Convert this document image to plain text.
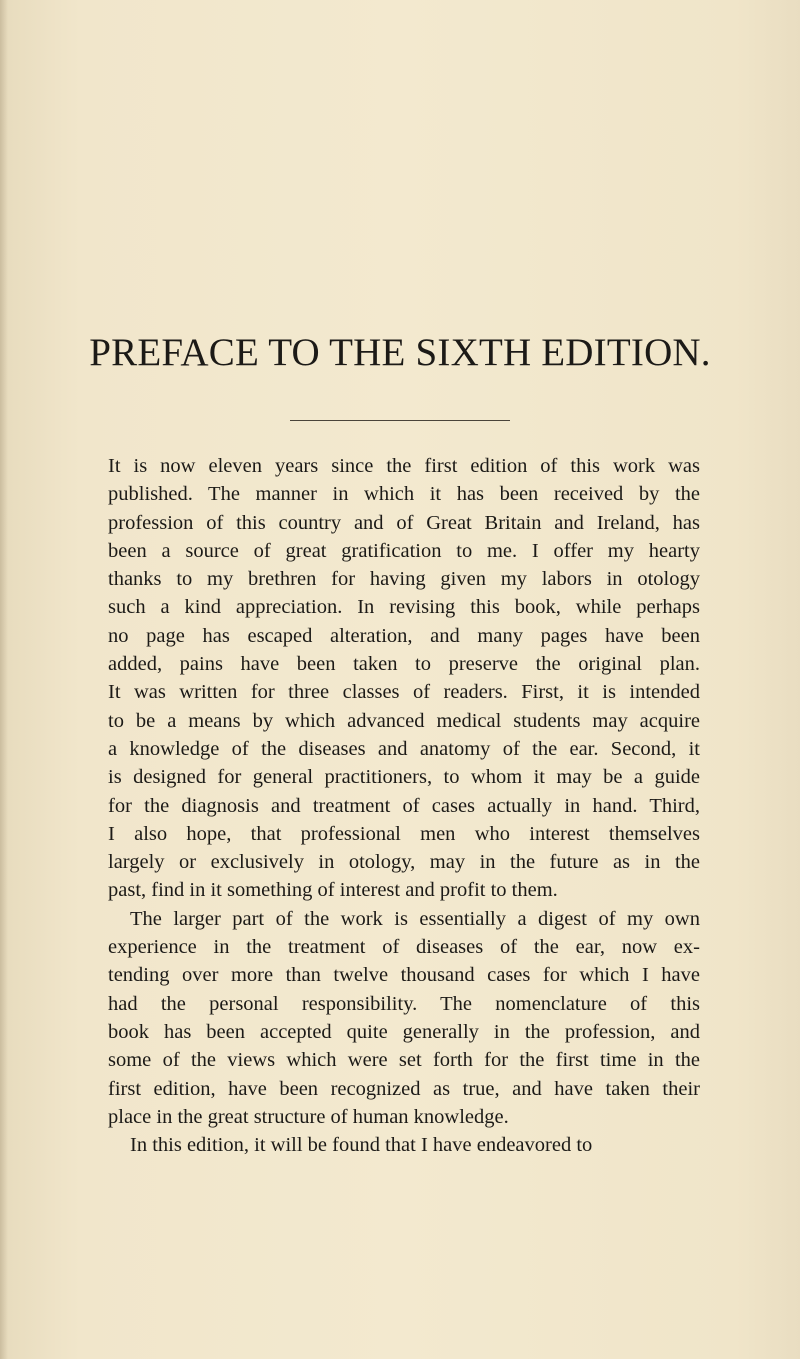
PREFACE TO THE SIXTH EDITION.
It is now eleven years since the first edition of this work was
published. The manner in which it has been received by the
profession of this country and of Great Britain and Ireland, has
been a source of great gratification to me. I offer my hearty
thanks to my brethren for having given my labors in otology
such a kind appreciation. In revising this book, while perhaps
no page has escaped alteration, and many pages have been
added, pains have been taken to preserve the original plan.
It was written for three classes of readers. First, it is intended
to be a means by which advanced medical students may acquire
a knowledge of the diseases and anatomy of the ear. Second, it
is designed for general practitioners, to whom it may be a guide
for the diagnosis and treatment of cases actually in hand. Third,
I also hope, that professional men who interest themselves
largely or exclusively in otology, may in the future as in the
past, find in it something of interest and profit to them.
The larger part of the work is essentially a digest of my own
experience in the treatment of diseases of the ear, now ex-
tending over more than twelve thousand cases for which I have
had the personal responsibility. The nomenclature of this
book has been accepted quite generally in the profession, and
some of the views which were set forth for the first time in the
first edition, have been recognized as true, and have taken their
place in the great structure of human knowledge.
In this edition, it will be found that I have endeavored to
